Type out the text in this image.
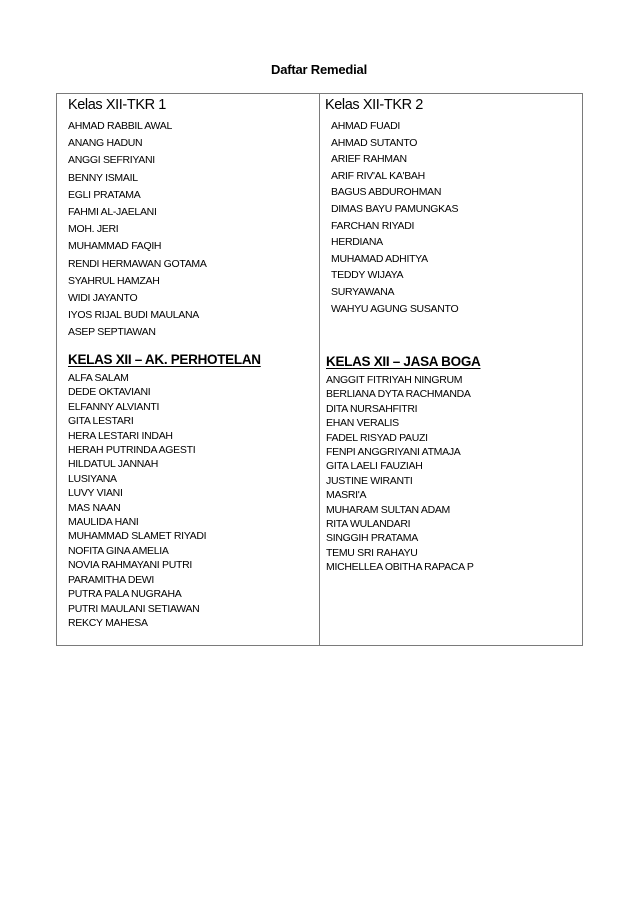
Daftar Remedial
Kelas XII-TKR 1
AHMAD RABBIL AWAL
ANANG HADUN
ANGGI SEFRIYANI
BENNY ISMAIL
EGLI PRATAMA
FAHMI AL-JAELANI
MOH. JERI
MUHAMMAD FAQIH
RENDI HERMAWAN GOTAMA
SYAHRUL HAMZAH
WIDI JAYANTO
IYOS RIJAL BUDI MAULANA
ASEP SEPTIAWAN
Kelas XII-TKR 2
AHMAD FUADI
AHMAD SUTANTO
ARIEF RAHMAN
ARIF RIV'AL KA'BAH
BAGUS ABDUROHMAN
DIMAS BAYU PAMUNGKAS
FARCHAN RIYADI
HERDIANA
MUHAMAD ADHITYA
TEDDY WIJAYA
SURYAWANA
WAHYU AGUNG SUSANTO
KELAS XII – AK. PERHOTELAN
ALFA SALAM
DEDE OKTAVIANI
ELFANNY ALVIANTI
GITA LESTARI
HERA LESTARI INDAH
HERAH PUTRINDA AGESTI
HILDATUL JANNAH
LUSIYANA
LUVY VIANI
MAS NAAN
MAULIDA HANI
MUHAMMAD SLAMET RIYADI
NOFITA GINA AMELIA
NOVIA RAHMAYANI PUTRI
PARAMITHA DEWI
PUTRA PALA NUGRAHA
PUTRI MAULANI SETIAWAN
REKCY MAHESA
KELAS XII – JASA BOGA
ANGGIT FITRIYAH NINGRUM
BERLIANA DYTA RACHMANDA
DITA NURSAHFITRI
EHAN VERALIS
FADEL RISYAD PAUZI
FENPI ANGGRIYANI ATMAJA
GITA LAELI FAUZIAH
JUSTINE WIRANTI
MASRI'A
MUHARAM SULTAN ADAM
RITA WULANDARI
SINGGIH PRATAMA
TEMU SRI RAHAYU
MICHELLEA OBITHA RAPACA P
